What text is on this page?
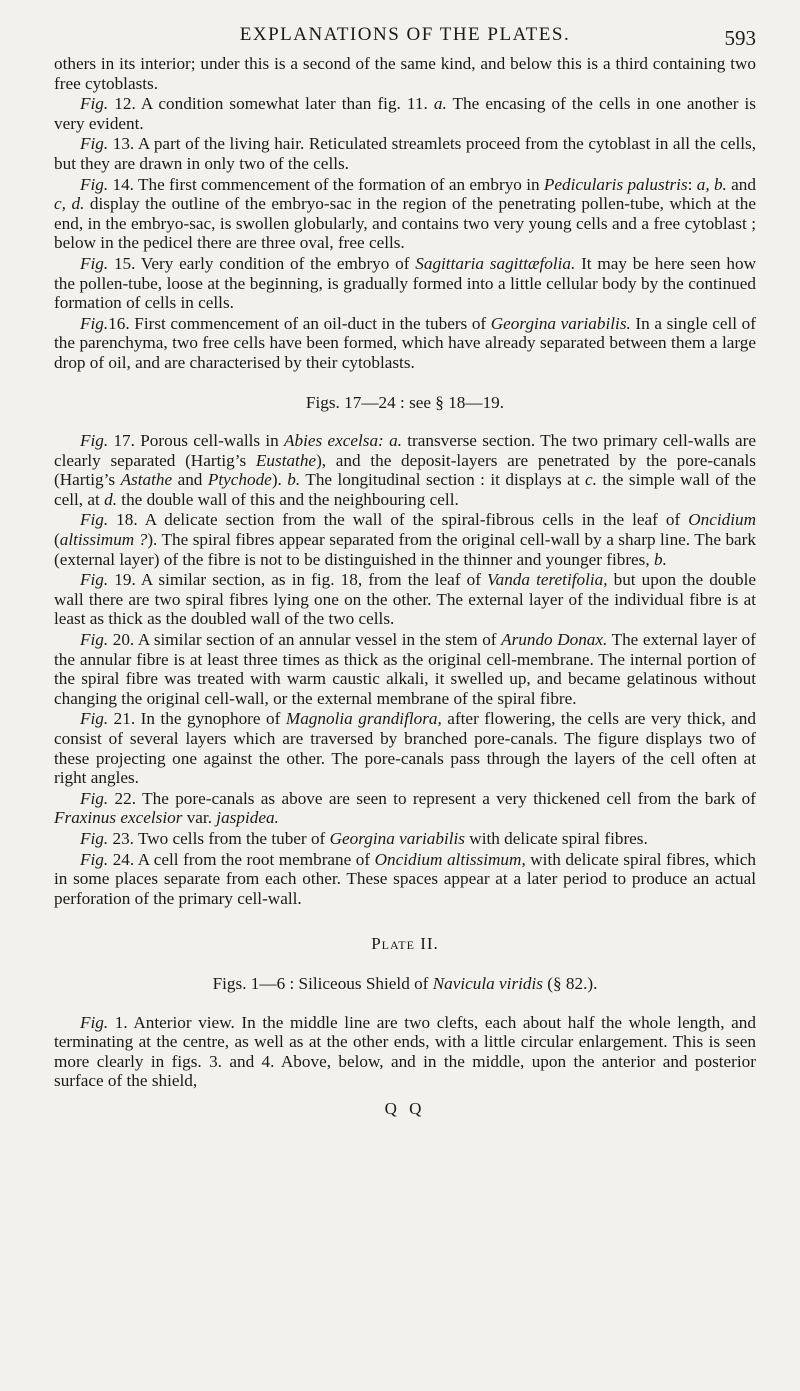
EXPLANATIONS OF THE PLATES.	593

others in its interior; under this is a second of the same kind, and below this is a third containing two free cytoblasts.

Fig. 12. A condition somewhat later than fig. 11. a. The encasing of the cells in one another is very evident.

Fig. 13. A part of the living hair. Reticulated streamlets proceed from the cytoblast in all the cells, but they are drawn in only two of the cells.

Fig. 14. The first commencement of the formation of an embryo in Pedicularis palustris: a, b. and c, d. display the outline of the embryo-sac in the region of the penetrating pollen-tube, which at the end, in the embryo-sac, is swollen globularly, and contains two very young cells and a free cytoblast ; below in the pedicel there are three oval, free cells.

Fig. 15. Very early condition of the embryo of Sagittaria sagittæfolia. It may be here seen how the pollen-tube, loose at the beginning, is gradually formed into a little cellular body by the continued formation of cells in cells.

Fig.16. First commencement of an oil-duct in the tubers of Georgina variabilis. In a single cell of the parenchyma, two free cells have been formed, which have already separated between them a large drop of oil, and are characterised by their cytoblasts.

Figs. 17—24 : see § 18—19.

Fig. 17. Porous cell-walls in Abies excelsa: a. transverse section. The two primary cell-walls are clearly separated (Hartig’s Eustathe), and the deposit-layers are penetrated by the pore-canals (Hartig’s Astathe and Ptychode). b. The longitudinal section : it displays at c. the simple wall of the cell, at d. the double wall of this and the neighbouring cell.

Fig. 18. A delicate section from the wall of the spiral-fibrous cells in the leaf of Oncidium (altissimum ?). The spiral fibres appear separated from the original cell-wall by a sharp line. The bark (external layer) of the fibre is not to be distinguished in the thinner and younger fibres, b.

Fig. 19. A similar section, as in fig. 18, from the leaf of Vanda teretifolia, but upon the double wall there are two spiral fibres lying one on the other. The external layer of the individual fibre is at least as thick as the doubled wall of the two cells.

Fig. 20. A similar section of an annular vessel in the stem of Arundo Donax. The external layer of the annular fibre is at least three times as thick as the original cell-membrane. The internal portion of the spiral fibre was treated with warm caustic alkali, it swelled up, and became gelatinous without changing the original cell-wall, or the external membrane of the spiral fibre.

Fig. 21. In the gynophore of Magnolia grandiflora, after flowering, the cells are very thick, and consist of several layers which are traversed by branched pore-canals. The figure displays two of these projecting one against the other. The pore-canals pass through the layers of the cell often at right angles.

Fig. 22. The pore-canals as above are seen to represent a very thickened cell from the bark of Fraxinus excelsior var. jaspidea.

Fig. 23. Two cells from the tuber of Georgina variabilis with delicate spiral fibres.

Fig. 24. A cell from the root membrane of Oncidium altissimum, with delicate spiral fibres, which in some places separate from each other. These spaces appear at a later period to produce an actual perforation of the primary cell-wall.

Plate II.

Figs. 1—6 : Siliceous Shield of Navicula viridis (§ 82.).

Fig. 1. Anterior view. In the middle line are two clefts, each about half the whole length, and terminating at the centre, as well as at the other ends, with a little circular enlargement. This is seen more clearly in figs. 3. and 4. Above, below, and in the middle, upon the anterior and posterior surface of the shield,

Q Q
